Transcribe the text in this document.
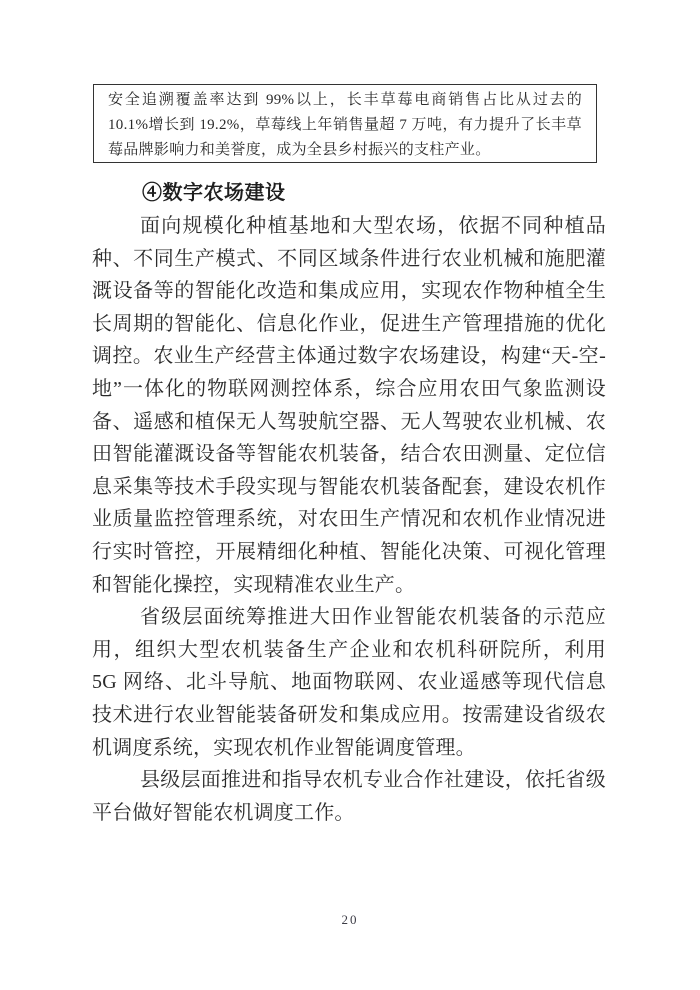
安全追溯覆盖率达到 99%以上，长丰草莓电商销售占比从过去的 10.1%增长到 19.2%，草莓线上年销售量超 7 万吨，有力提升了长丰草莓品牌影响力和美誉度，成为全县乡村振兴的支柱产业。

④数字农场建设

面向规模化种植基地和大型农场，依据不同种植品种、不同生产模式、不同区域条件进行农业机械和施肥灌溉设备等的智能化改造和集成应用，实现农作物种植全生长周期的智能化、信息化作业，促进生产管理措施的优化调控。农业生产经营主体通过数字农场建设，构建“天-空-地”一体化的物联网测控体系，综合应用农田气象监测设备、遥感和植保无人驾驶航空器、无人驾驶农业机械、农田智能灌溉设备等智能农机装备，结合农田测量、定位信息采集等技术手段实现与智能农机装备配套，建设农机作业质量监控管理系统，对农田生产情况和农机作业情况进行实时管控，开展精细化种植、智能化决策、可视化管理和智能化操控，实现精准农业生产。

省级层面统筹推进大田作业智能农机装备的示范应用，组织大型农机装备生产企业和农机科研院所，利用 5G 网络、北斗导航、地面物联网、农业遥感等现代信息技术进行农业智能装备研发和集成应用。按需建设省级农机调度系统，实现农机作业智能调度管理。

县级层面推进和指导农机专业合作社建设，依托省级平台做好智能农机调度工作。

20
